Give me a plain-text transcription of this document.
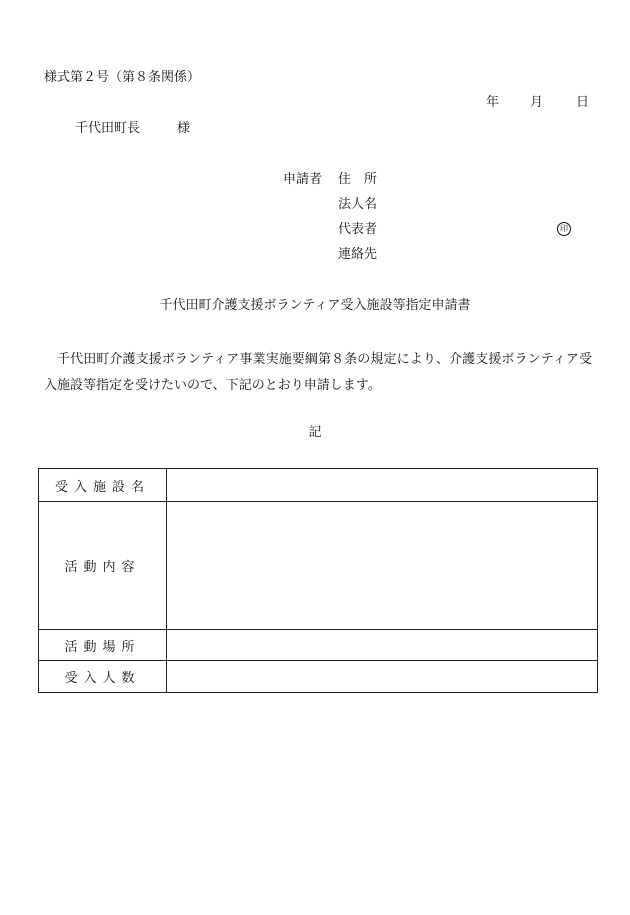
様式第２号（第８条関係）
年 月	日
千代田町長	様
申請者 住　所
法人名
代表者
連絡先
印
千代田町介護支援ボランティア受入施設等指定申請書
千代田町介護支援ボランティア事業実施要綱第８条の規定により、介護支援ボランティア受入施設等指定を受けたいので、下記のとおり申請します。
記
受入施設名	
活動内容	
活動場所	
受入人数	
